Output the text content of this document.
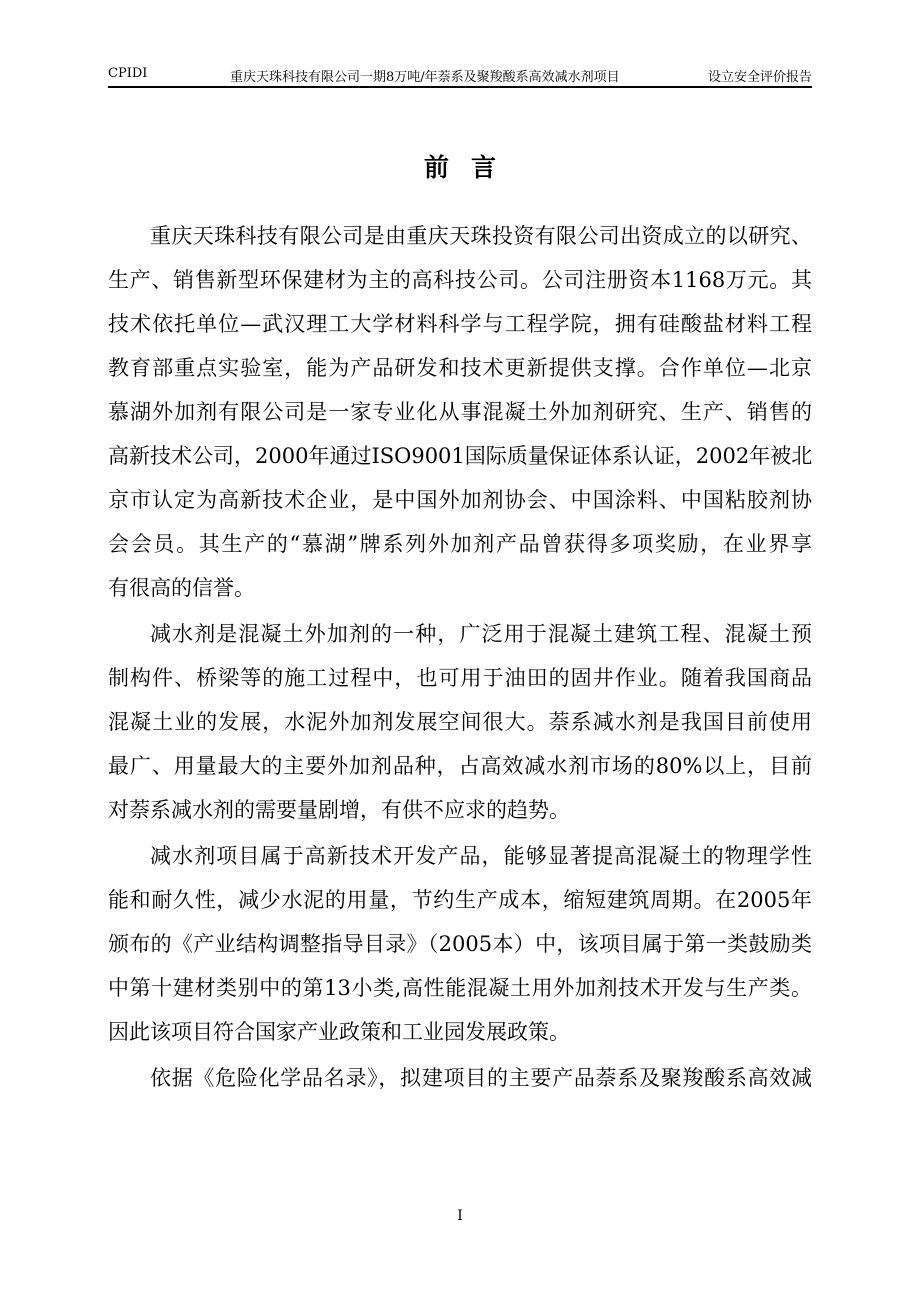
CPIDI	重庆天珠科技有限公司一期8万吨/年萘系及聚羧酸系高效减水剂项目	设立安全评价报告
前言
重庆天珠科技有限公司是由重庆天珠投资有限公司出资成立的以研究、
生产、销售新型环保建材为主的高科技公司。公司注册资本1168万元。其
技术依托单位—武汉理工大学材料科学与工程学院，拥有硅酸盐材料工程
教育部重点实验室，能为产品研发和技术更新提供支撑。合作单位—北京
慕湖外加剂有限公司是一家专业化从事混凝土外加剂研究、生产、销售的
高新技术公司，2000年通过ISO9001国际质量保证体系认证，2002年被北
京市认定为高新技术企业，是中国外加剂协会、中国涂料、中国粘胶剂协
会会员。其生产的“慕湖”牌系列外加剂产品曾获得多项奖励，在业界享
有很高的信誉。
减水剂是混凝土外加剂的一种，广泛用于混凝土建筑工程、混凝土预
制构件、桥梁等的施工过程中，也可用于油田的固井作业。随着我国商品
混凝土业的发展，水泥外加剂发展空间很大。萘系减水剂是我国目前使用
最广、用量最大的主要外加剂品种，占高效减水剂市场的80%以上，目前
对萘系减水剂的需要量剧增，有供不应求的趋势。
减水剂项目属于高新技术开发产品，能够显著提高混凝土的物理学性
能和耐久性，减少水泥的用量，节约生产成本，缩短建筑周期。在2005年
颁布的《产业结构调整指导目录》（2005本）中，该项目属于第一类鼓励类
中第十建材类别中的第13小类,高性能混凝土用外加剂技术开发与生产类。
因此该项目符合国家产业政策和工业园发展政策。
依据《危险化学品名录》，拟建项目的主要产品萘系及聚羧酸系高效减
I
